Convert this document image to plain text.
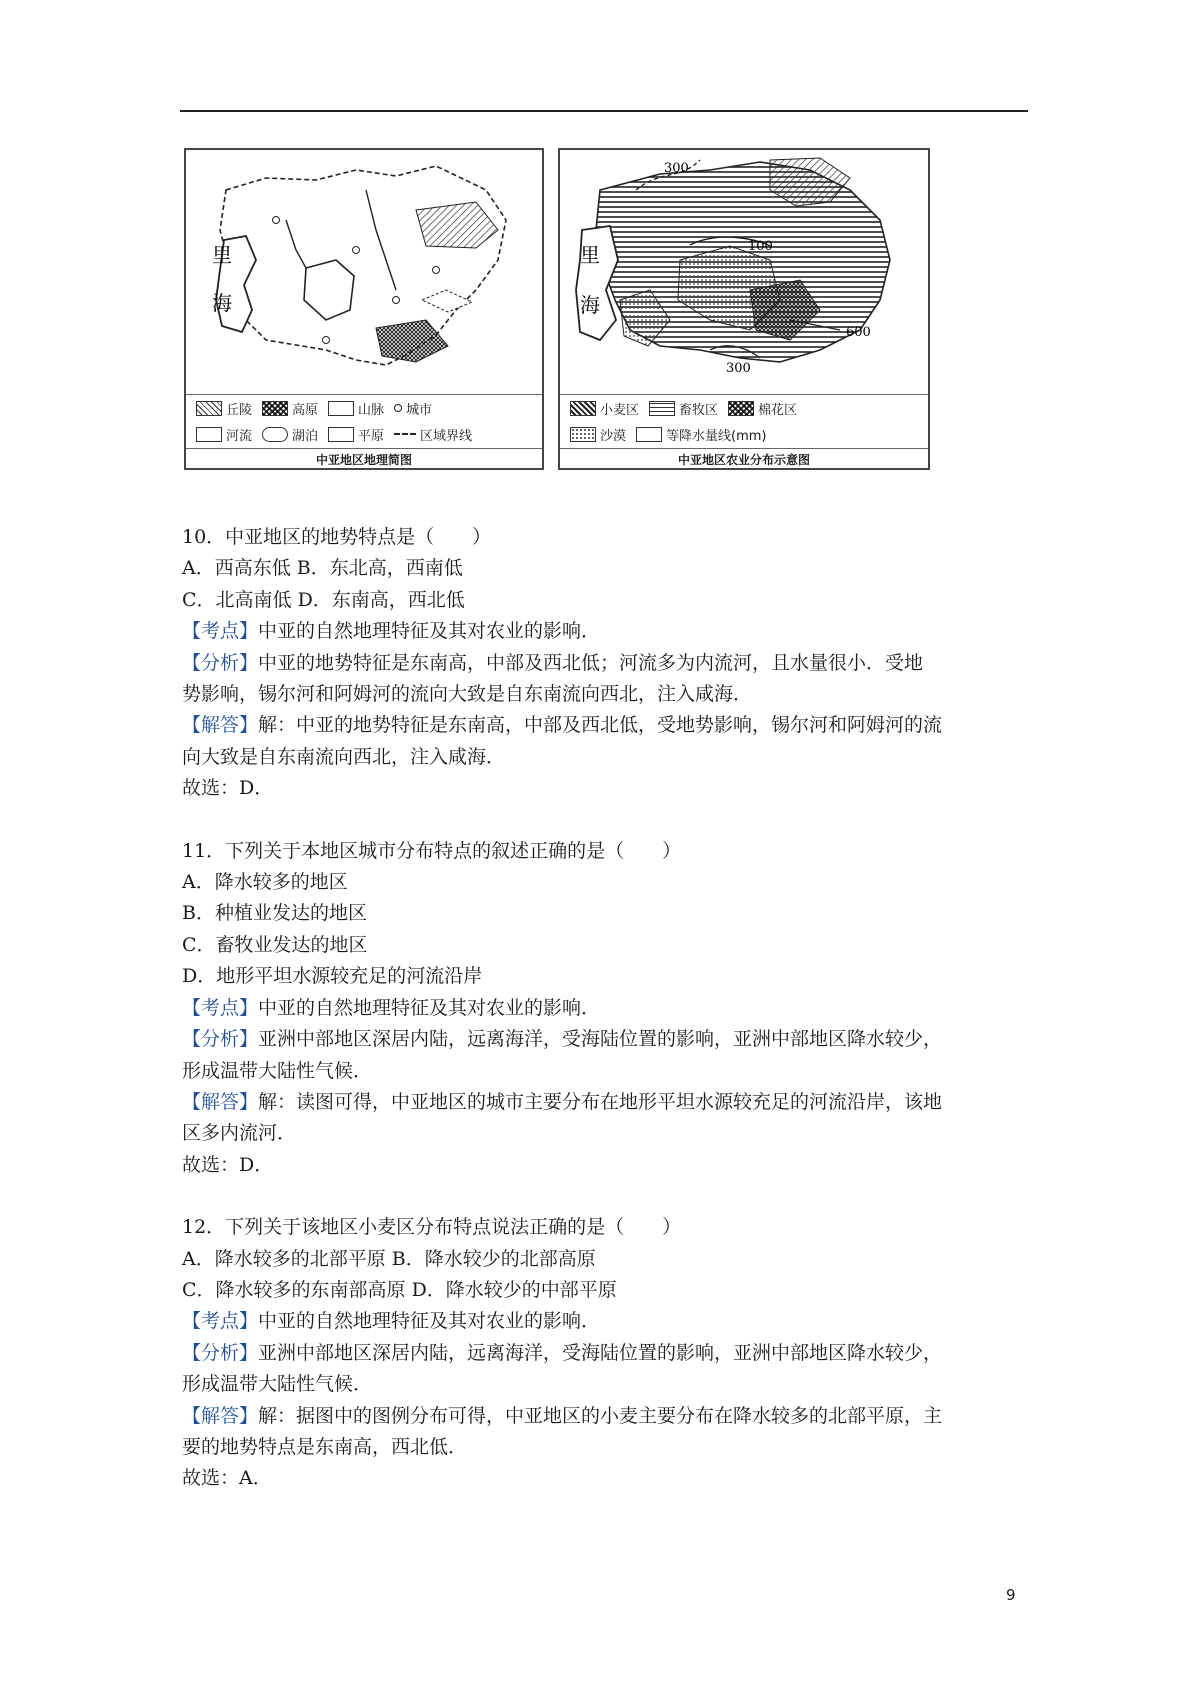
里
海
丘陵	高原	山脉 城市
河流	湖泊	平原	区域界线
中亚地区地理简图
里
海
300
100
600
300
小麦区	畜牧区	棉花区
沙漠	等降水量线(mm)
中亚地区农业分布示意图
10．中亚地区的地势特点是（　　）
A．西高东低 B．东北高，西南低
C．北高南低 D．东南高，西北低
【考点】中亚的自然地理特征及其对农业的影响．
【分析】中亚的地势特征是东南高，中部及西北低；河流多为内流河，且水量很小．受地
势影响，锡尔河和阿姆河的流向大致是自东南流向西北，注入咸海．
【解答】解：中亚的地势特征是东南高，中部及西北低，受地势影响，锡尔河和阿姆河的流
向大致是自东南流向西北，注入咸海．
故选：D．
11．下列关于本地区城市分布特点的叙述正确的是（　　）
A．降水较多的地区
B．种植业发达的地区
C．畜牧业发达的地区
D．地形平坦水源较充足的河流沿岸
【考点】中亚的自然地理特征及其对农业的影响．
【分析】亚洲中部地区深居内陆，远离海洋，受海陆位置的影响，亚洲中部地区降水较少，
形成温带大陆性气候．
【解答】解：读图可得，中亚地区的城市主要分布在地形平坦水源较充足的河流沿岸，该地
区多内流河．
故选：D．
12．下列关于该地区小麦区分布特点说法正确的是（　　）
A．降水较多的北部平原 B．降水较少的北部高原
C．降水较多的东南部高原 D．降水较少的中部平原
【考点】中亚的自然地理特征及其对农业的影响．
【分析】亚洲中部地区深居内陆，远离海洋，受海陆位置的影响，亚洲中部地区降水较少，
形成温带大陆性气候．
【解答】解：据图中的图例分布可得，中亚地区的小麦主要分布在降水较多的北部平原，主
要的地势特点是东南高，西北低．
故选：A．
9
